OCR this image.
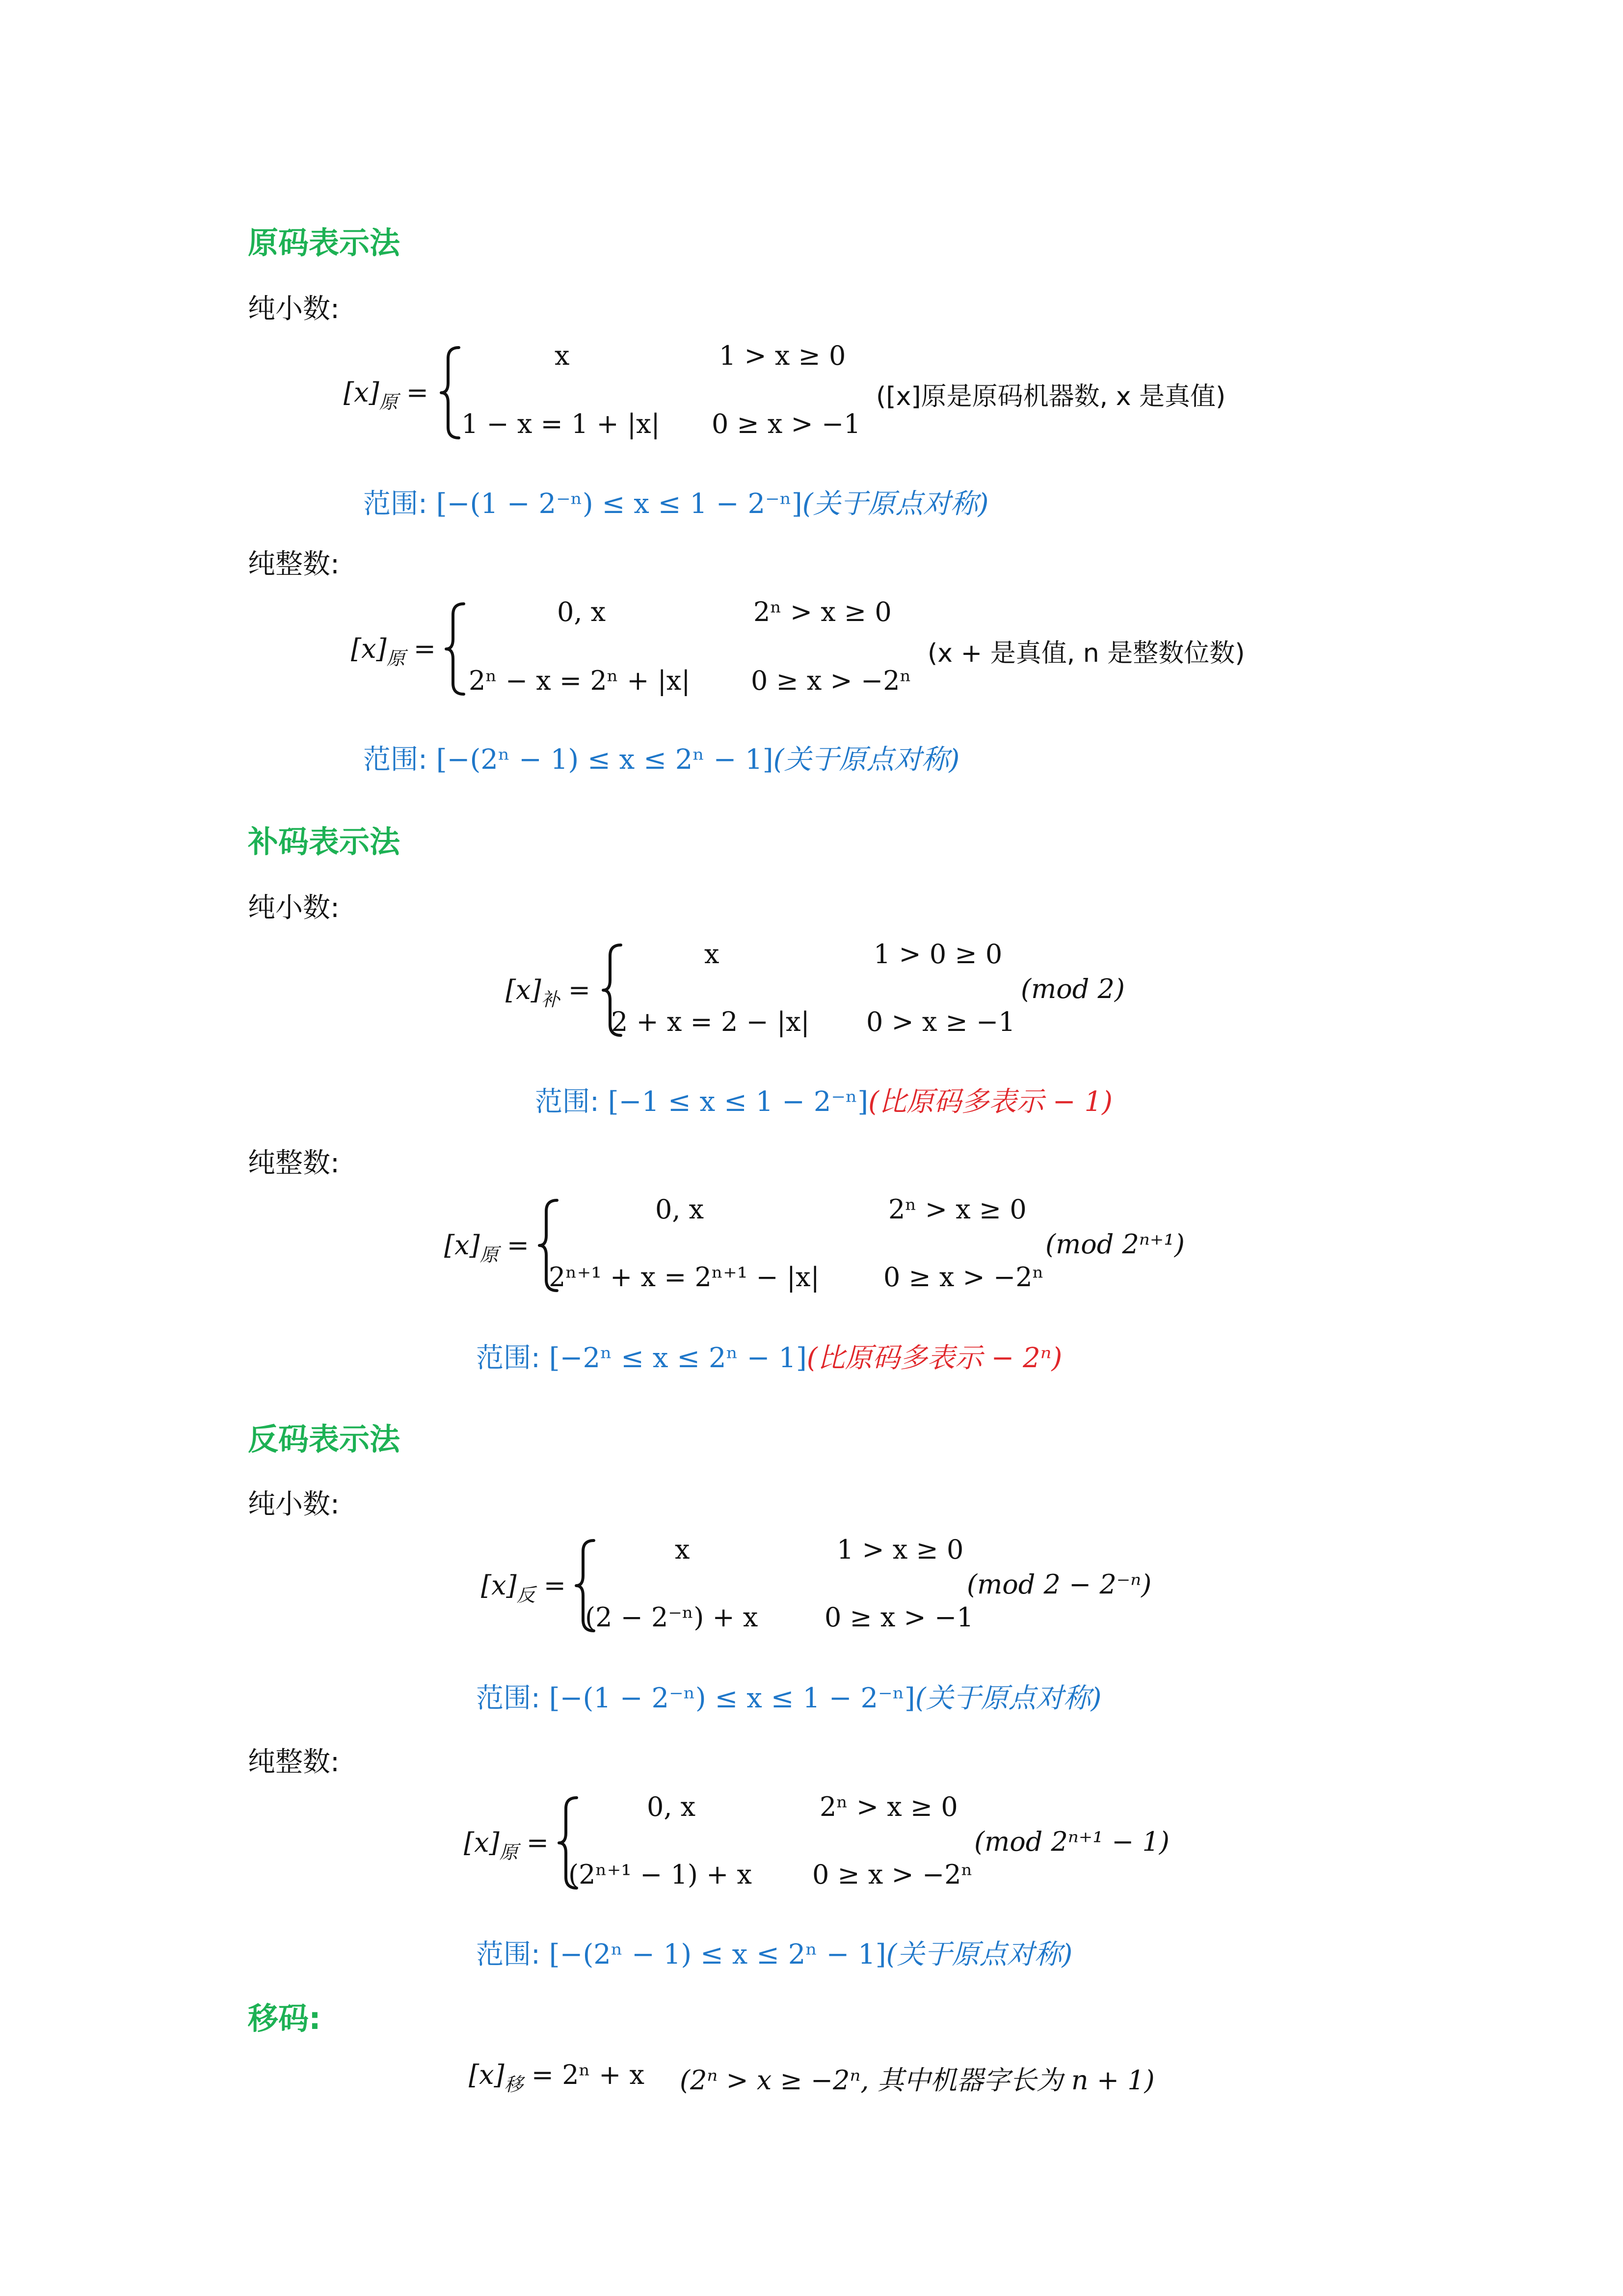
原码表示法
纯小数:
$[x]_原$ =
x	1 > x ≥ 0
1 − x = 1 + |x| 0 ≥ x > −1
([x]原是原码机器数, x 是真值)
范围: [−(1 − 2⁻ⁿ) ≤ x ≤ 1 − 2⁻ⁿ](关于原点对称)
纯整数:
$[x]_原$ =
0, x	2ⁿ > x ≥ 0
2ⁿ − x = 2ⁿ + |x| 0 ≥ x > −2ⁿ
(x + 是真值, n 是整数位数)
范围: [−(2ⁿ − 1) ≤ x ≤ 2ⁿ − 1](关于原点对称)
补码表示法
纯小数:
$[x]_补$ =
x	1 > 0 ≥ 0
2 + x = 2 − |x| 0 > x ≥ −1
(mod 2)
范围: [−1 ≤ x ≤ 1 − 2⁻ⁿ](比原码多表示 − 1)
纯整数:
$[x]_原$ =
0, x	2ⁿ > x ≥ 0
2ⁿ⁺¹ + x = 2ⁿ⁺¹ − |x| 0 ≥ x > −2ⁿ
(mod 2ⁿ⁺¹)
范围: [−2ⁿ ≤ x ≤ 2ⁿ − 1](比原码多表示 − 2ⁿ)
反码表示法
纯小数:
$[x]_反$ =
x	1 > x ≥ 0
(2 − 2⁻ⁿ) + x	0 ≥ x > −1
(mod 2 − 2⁻ⁿ)
范围: [−(1 − 2⁻ⁿ) ≤ x ≤ 1 − 2⁻ⁿ](关于原点对称)
纯整数:
$[x]_原$ =
0, x	2ⁿ > x ≥ 0
(2ⁿ⁺¹ − 1) + x 0 ≥ x > −2ⁿ
(mod 2ⁿ⁺¹ − 1)
范围: [−(2ⁿ − 1) ≤ x ≤ 2ⁿ − 1](关于原点对称)
移码:
$[x]_移 = 2^n + x$ (2ⁿ > x ≥ −2ⁿ, 其中机器字长为 n + 1)
